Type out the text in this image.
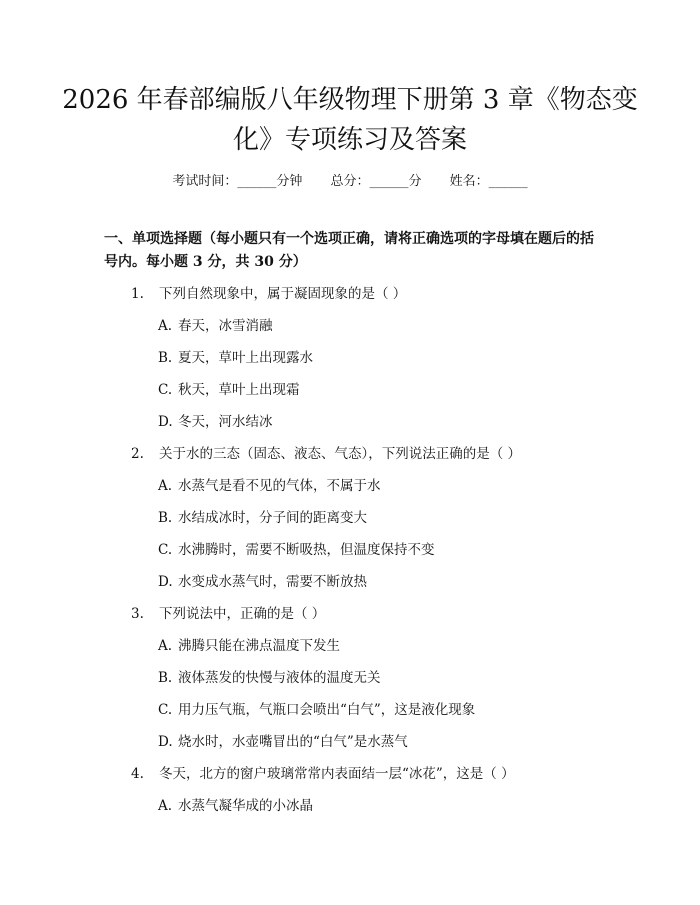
2026 年春部编版八年级物理下册第 3 章《物态变化》专项练习及答案
考试时间：______分钟 总分：______分 姓名：______
一、单项选择题（每小题只有一个选项正确，请将正确选项的字母填在题后的括号内。每小题 3 分，共 30 分）
1. 下列自然现象中，属于凝固现象的是（ ）
A. 春天，冰雪消融
B. 夏天，草叶上出现露水
C. 秋天，草叶上出现霜
D. 冬天，河水结冰
2. 关于水的三态（固态、液态、气态），下列说法正确的是（ ）
A. 水蒸气是看不见的气体，不属于水
B. 水结成冰时，分子间的距离变大
C. 水沸腾时，需要不断吸热，但温度保持不变
D. 水变成水蒸气时，需要不断放热
3. 下列说法中，正确的是（ ）
A. 沸腾只能在沸点温度下发生
B. 液体蒸发的快慢与液体的温度无关
C. 用力压气瓶，气瓶口会喷出“白气”，这是液化现象
D. 烧水时，水壶嘴冒出的“白气”是水蒸气
4. 冬天，北方的窗户玻璃常常内表面结一层“冰花”，这是（ ）
A. 水蒸气凝华成的小冰晶
